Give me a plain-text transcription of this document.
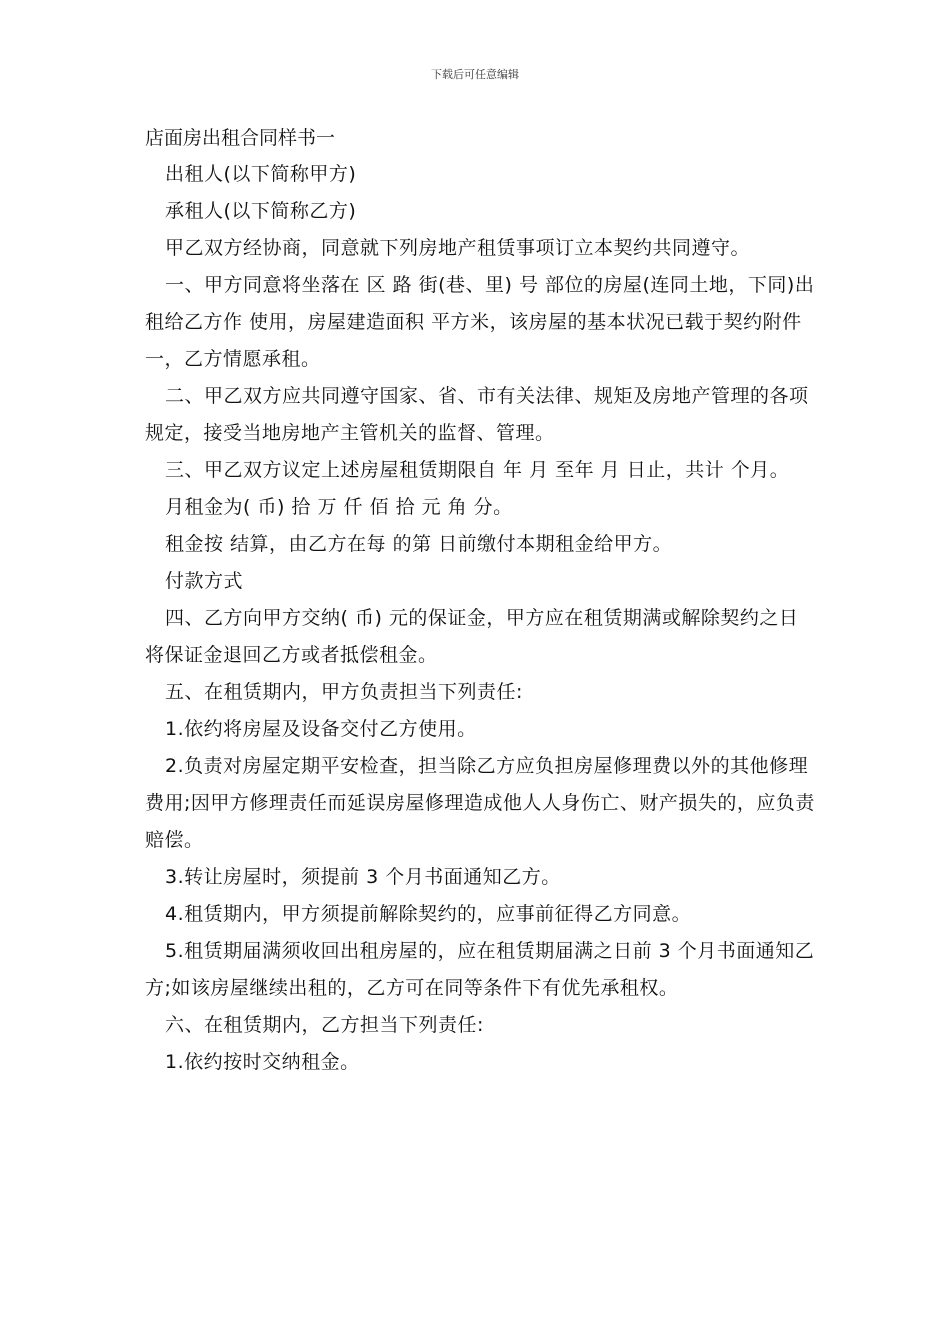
下载后可任意编辑
店面房出租合同样书一

出租人(以下简称甲方)

承租人(以下简称乙方)

甲乙双方经协商，同意就下列房地产租赁事项订立本契约共同遵守。

一、甲方同意将坐落在 区 路 街(巷、里) 号 部位的房屋(连同土地，下同)出租给乙方作 使用，房屋建造面积 平方米，该房屋的基本状况已载于契约附件一，乙方情愿承租。

二、甲乙双方应共同遵守国家、省、市有关法律、规矩及房地产管理的各项规定，接受当地房地产主管机关的监督、管理。

三、甲乙双方议定上述房屋租赁期限自 年 月 至年 月 日止，共计 个月。

月租金为( 币) 拾 万 仟 佰 拾 元 角 分。

租金按 结算，由乙方在每 的第 日前缴付本期租金给甲方。

付款方式

四、乙方向甲方交纳( 币) 元的保证金，甲方应在租赁期满或解除契约之日将保证金退回乙方或者抵偿租金。

五、在租赁期内，甲方负责担当下列责任:

1.依约将房屋及设备交付乙方使用。

2.负责对房屋定期平安检查，担当除乙方应负担房屋修理费以外的其他修理费用;因甲方修理责任而延误房屋修理造成他人人身伤亡、财产损失的，应负责赔偿。

3.转让房屋时，须提前 3 个月书面通知乙方。

4.租赁期内，甲方须提前解除契约的，应事前征得乙方同意。

5.租赁期届满须收回出租房屋的，应在租赁期届满之日前 3 个月书面通知乙方;如该房屋继续出租的，乙方可在同等条件下有优先承租权。

六、在租赁期内，乙方担当下列责任:

1.依约按时交纳租金。
